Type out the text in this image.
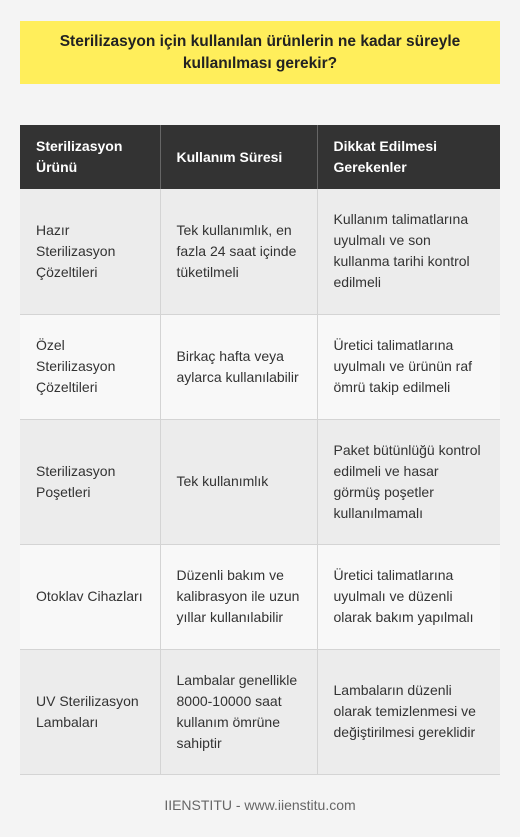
Sterilizasyon için kullanılan ürünlerin ne kadar süreyle kullanılması gerekir?
Sterilizasyon Ürünü	Kullanım Süresi	Dikkat Edilmesi Gerekenler
Hazır Sterilizasyon Çözeltileri	Tek kullanımlık, en fazla 24 saat içinde tüketilmeli	Kullanım talimatlarına uyulmalı ve son kullanma tarihi kontrol edilmeli
Özel Sterilizasyon Çözeltileri	Birkaç hafta veya aylarca kullanılabilir	Üretici talimatlarına uyulmalı ve ürünün raf ömrü takip edilmeli
Sterilizasyon Poşetleri	Tek kullanımlık	Paket bütünlüğü kontrol edilmeli ve hasar görmüş poşetler kullanılmamalı
Otoklav Cihazları	Düzenli bakım ve kalibrasyon ile uzun yıllar kullanılabilir	Üretici talimatlarına uyulmalı ve düzenli olarak bakım yapılmalı
UV Sterilizasyon Lambaları	Lambalar genellikle 8000-10000 saat kullanım ömrüne sahiptir	Lambaların düzenli olarak temizlenmesi ve değiştirilmesi gereklidir
IIENSTITU - www.iienstitu.com
